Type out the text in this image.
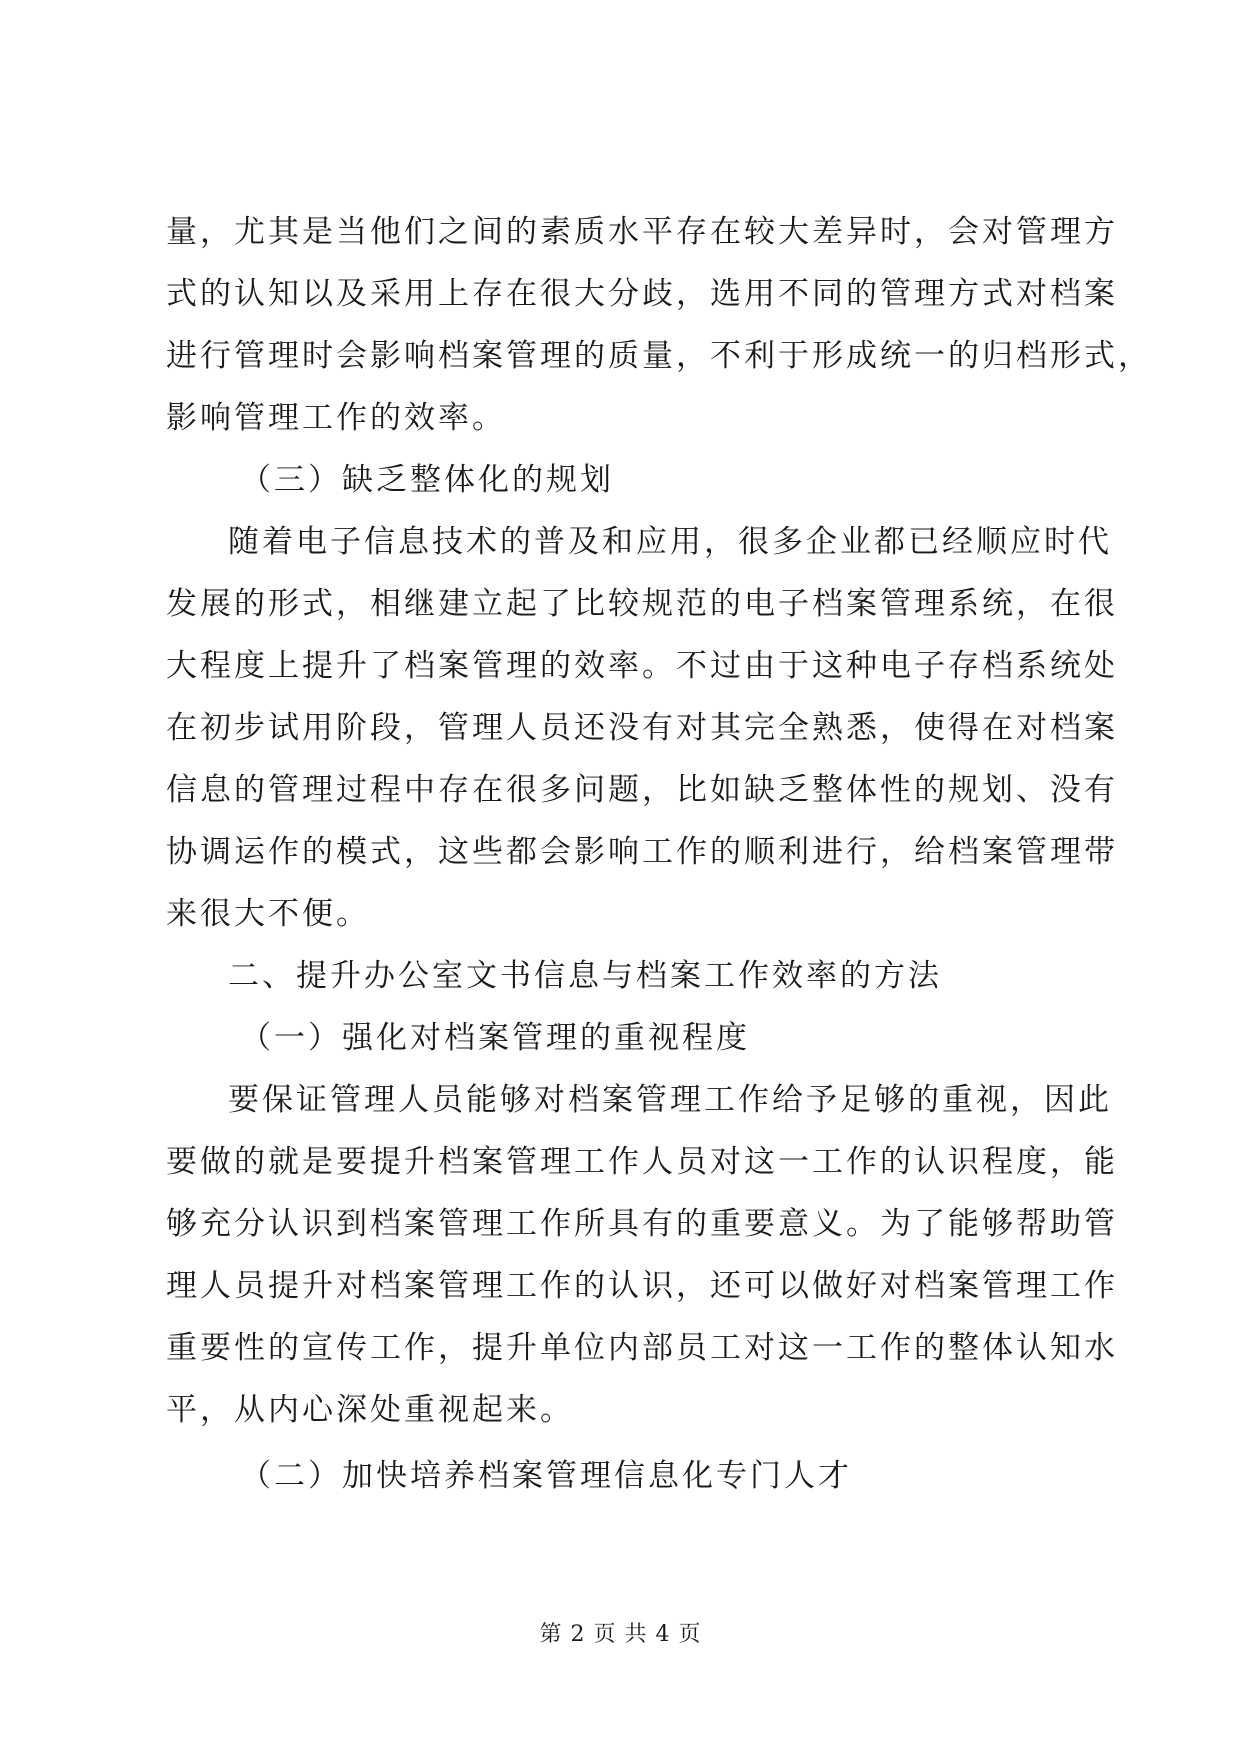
量，尤其是当他们之间的素质水平存在较大差异时，会对管理方
式的认知以及采用上存在很大分歧，选用不同的管理方式对档案
进行管理时会影响档案管理的质量，不利于形成统一的归档形式，
影响管理工作的效率。
（三）缺乏整体化的规划
随着电子信息技术的普及和应用，很多企业都已经顺应时代
发展的形式，相继建立起了比较规范的电子档案管理系统，在很
大程度上提升了档案管理的效率。不过由于这种电子存档系统处
在初步试用阶段，管理人员还没有对其完全熟悉，使得在对档案
信息的管理过程中存在很多问题，比如缺乏整体性的规划、没有
协调运作的模式，这些都会影响工作的顺利进行，给档案管理带
来很大不便。
二、提升办公室文书信息与档案工作效率的方法
（一）强化对档案管理的重视程度
要保证管理人员能够对档案管理工作给予足够的重视，因此
要做的就是要提升档案管理工作人员对这一工作的认识程度，能
够充分认识到档案管理工作所具有的重要意义。为了能够帮助管
理人员提升对档案管理工作的认识，还可以做好对档案管理工作
重要性的宣传工作，提升单位内部员工对这一工作的整体认知水
平，从内心深处重视起来。
（二）加快培养档案管理信息化专门人才
第 2 页 共 4 页
